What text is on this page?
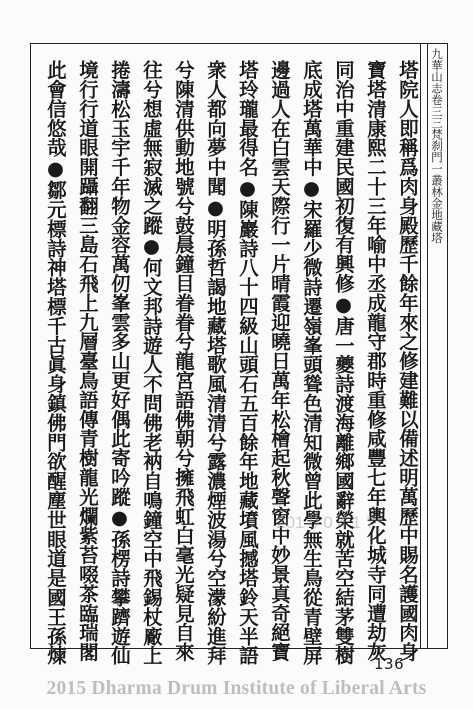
九華山志卷三三梵刹門一叢林金地藏塔
塔院人即稱爲肉身殿歷千餘年來之修建難以備述明萬歷中賜名護國肉身
寶塔清康熙二十三年喻中丞成龍守郡時重修咸豐七年輿化城寺同遭劫灰
同治中重建民國初復有興修●唐一夔詩渡海離鄉國辭榮就苦空結茅雙樹
底成塔萬華中●宋羅少微詩遷嶺峯頭聳色清知微曾此學無生鳥從青壁屏
邊過人在白雲天際行一片晴霞迎曉日萬年松檜起秋聲窗中妙景真奇絕寶
塔玲瓏最得名●陳巖詩八十四級山頭石五百餘年地藏墳風撼塔鈴天半語
衆人都向夢中聞●明孫哲謁地藏塔歌風清清兮露濃煙波湯兮空濛紛進拜
兮陳清供動地號兮鼓晨鐘目眷眷兮龍宮語佛朝兮擁飛虹白毫光疑見自來
往兮想虛無寂滅之蹤●何文邦詩遊人不問佛老衲自鳴鐘空中飛錫杖廠上
捲濤松玉宇千年物金容萬仞峯雲多山更好偶此寄吟蹤●孫楞詩攀躋遊仙
境行行道眼開躡翻三島石飛上九層臺鳥語傳青樹龍光爛紫苔啜茶臨瑞閣
此會信悠哉●鄒元標詩神塔標千古眞身鎮佛門欲醒塵世眼道是國王孫煉	201 0 0 4 1 7
136
2015 Dharma Drum Institute of Liberal Arts
